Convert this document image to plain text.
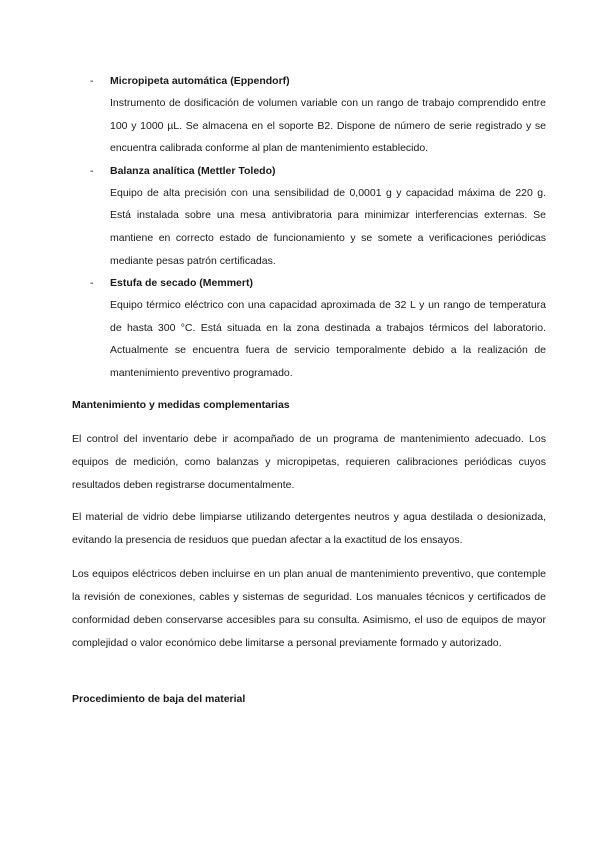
- Micropipeta automática (Eppendorf)
Instrumento de dosificación de volumen variable con un rango de trabajo comprendido entre 100 y 1000 µL. Se almacena en el soporte B2. Dispone de número de serie registrado y se encuentra calibrada conforme al plan de mantenimiento establecido.
- Balanza analítica (Mettler Toledo)
Equipo de alta precisión con una sensibilidad de 0,0001 g y capacidad máxima de 220 g. Está instalada sobre una mesa antivibratoria para minimizar interferencias externas. Se mantiene en correcto estado de funcionamiento y se somete a verificaciones periódicas mediante pesas patrón certificadas.
- Estufa de secado (Memmert)
Equipo térmico eléctrico con una capacidad aproximada de 32 L y un rango de temperatura de hasta 300 °C. Está situada en la zona destinada a trabajos térmicos del laboratorio. Actualmente se encuentra fuera de servicio temporalmente debido a la realización de mantenimiento preventivo programado.
Mantenimiento y medidas complementarias
El control del inventario debe ir acompañado de un programa de mantenimiento adecuado. Los equipos de medición, como balanzas y micropipetas, requieren calibraciones periódicas cuyos resultados deben registrarse documentalmente.
El material de vidrio debe limpiarse utilizando detergentes neutros y agua destilada o desionizada, evitando la presencia de residuos que puedan afectar a la exactitud de los ensayos.
Los equipos eléctricos deben incluirse en un plan anual de mantenimiento preventivo, que contemple la revisión de conexiones, cables y sistemas de seguridad. Los manuales técnicos y certificados de conformidad deben conservarse accesibles para su consulta. Asimismo, el uso de equipos de mayor complejidad o valor económico debe limitarse a personal previamente formado y autorizado.
Procedimiento de baja del material
